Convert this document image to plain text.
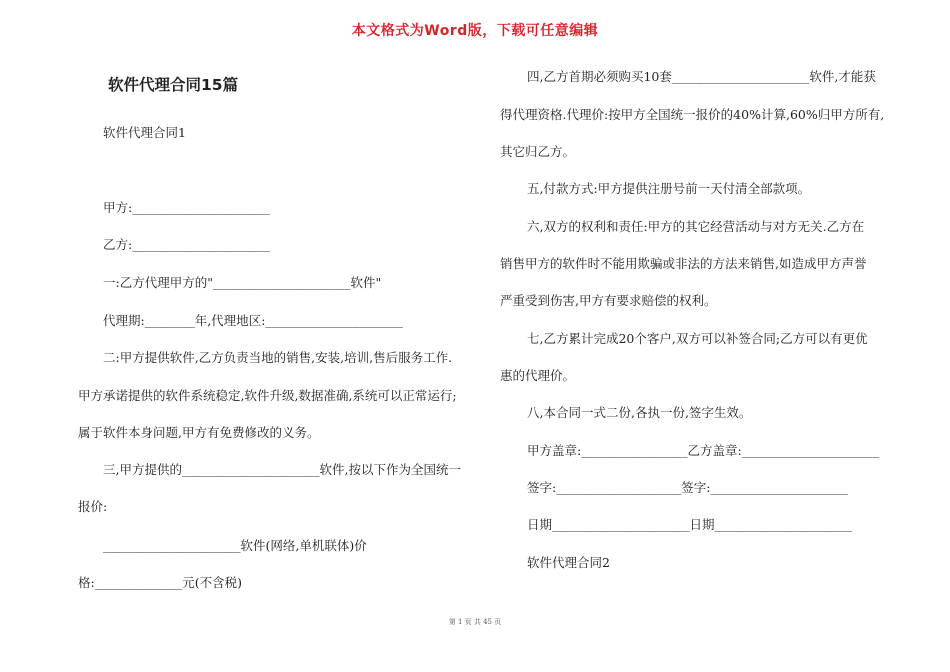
本文格式为Word版，下载可任意编辑
软件代理合同15篇
软件代理合同1
甲方:______________________
乙方:______________________
一:乙方代理甲方的"______________________软件"
代理期:________年,代理地区:______________________
二:甲方提供软件,乙方负责当地的销售,安装,培训,售后服务工作.
甲方承诺提供的软件系统稳定,软件升级,数据准确,系统可以正常运行;
属于软件本身问题,甲方有免费修改的义务。
三,甲方提供的______________________软件,按以下作为全国统一
报价:
______________________软件(网络,单机联体)价
格:______________元(不含税)
四,乙方首期必须购买10套______________________软件,才能获
得代理资格.代理价:按甲方全国统一报价的40%计算,60%归甲方所有,
其它归乙方。
五,付款方式:甲方提供注册号前一天付清全部款项。
六,双方的权利和责任:甲方的其它经营活动与对方无关.乙方在
销售甲方的软件时不能用欺骗或非法的方法来销售,如造成甲方声誉
严重受到伤害,甲方有要求赔偿的权利。
七,乙方累计完成20个客户,双方可以补签合同;乙方可以有更优
惠的代理价。
八,本合同一式二份,各执一份,签字生效。
甲方盖章:_________________乙方盖章:______________________
签字:____________________签字:______________________
日期______________________日期______________________
软件代理合同2
第 1 页 共 45 页
